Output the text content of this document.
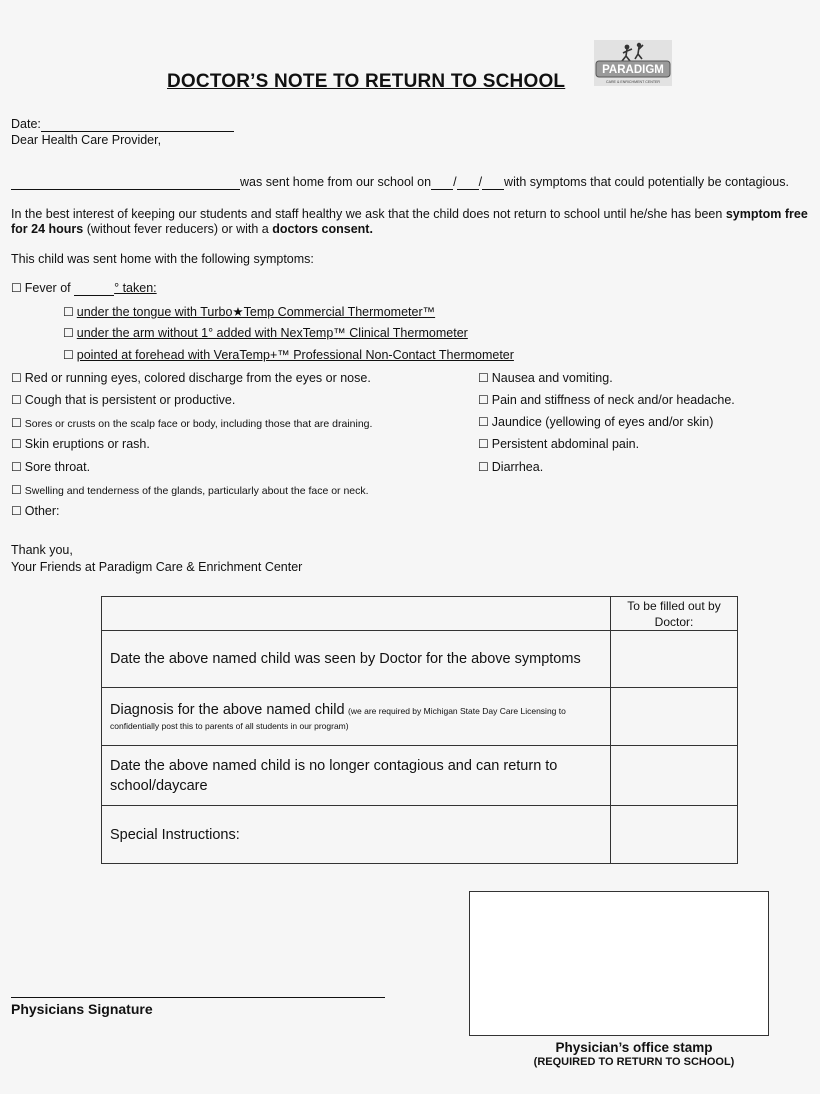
DOCTOR’S NOTE TO RETURN TO SCHOOL
PARADIGM
CARE & ENRICHMENT CENTER
Date:
Dear Health Care Provider,
was sent home from our school on / / with symptoms that could potentially be contagious.
In the best interest of keeping our students and staff healthy we ask that the child does not return to school until he/she has been symptom free for 24 hours (without fever reducers) or with a doctors consent.
This child was sent home with the following symptoms:
☐ Fever of	° taken:
☐ under the tongue with Turbo★Temp Commercial Thermometer™
☐ under the arm without 1° added with NexTemp™ Clinical Thermometer
☐ pointed at forehead with VeraTemp+™ Professional Non-Contact Thermometer
☐ Red or running eyes, colored discharge from the eyes or nose.
☐ Cough that is persistent or productive.
☐ Sores or crusts on the scalp face or body, including those that are draining.
☐ Skin eruptions or rash.
☐ Sore throat.
☐ Swelling and tenderness of the glands, particularly about the face or neck.
☐ Other:
☐ Nausea and vomiting.
☐ Pain and stiffness of neck and/or headache.
☐ Jaundice (yellowing of eyes and/or skin)
☐ Persistent abdominal pain.
☐ Diarrhea.
Thank you,
Your Friends at Paradigm Care & Enrichment Center
	To be filled out by Doctor:
Date the above named child was seen by Doctor for the above symptoms	
Diagnosis for the above named child (we are required by Michigan State Day Care Licensing to confidentially post this to parents of all students in our program)	
Date the above named child is no longer contagious and can return to school/daycare	
Special Instructions:	
Physicians Signature
Physician’s office stamp
(REQUIRED TO RETURN TO SCHOOL)
